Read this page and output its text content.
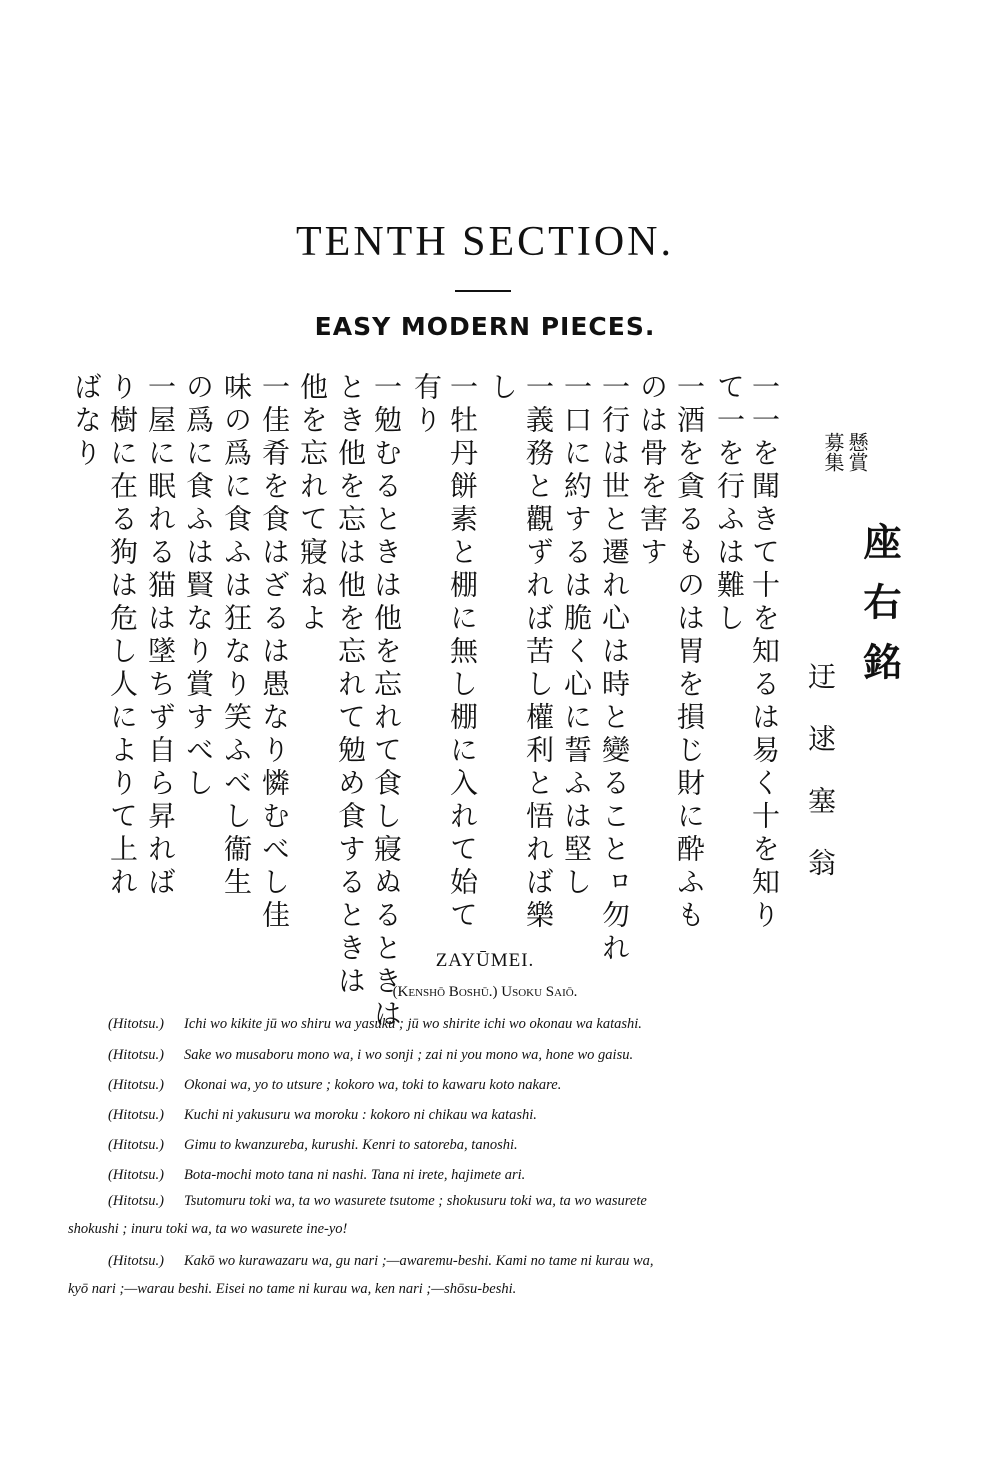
TENTH SECTION.
EASY MODERN PIECES.
懸賞
募集
座右銘
迂逑塞翁
一一を聞きて十を知るは易く十を知り
て一を行ふは難し
一酒を貪るものは胃を損じ財に酔ふも
のは骨を害す
一行は世と遷れ心は時と變ることㇿ勿れ
一口に約するは脆く心に誓ふは堅し
一義務と觀ずれば苦し權利と悟れば樂
し
一牡丹餅素と棚に無し棚に入れて始て
有り
一勉むるときは他を忘れて食し寢ぬるときは
とき他を忘は他を忘れて勉め食するときは
他を忘れて寢ねよ
一佳肴を食はざるは愚なり憐むべし佳
味の爲に食ふは狂なり笑ふべし衞生
の爲に食ふは賢なり賞すべし
一屋に眠れる猫は墜ちず自ら昇れば
り樹に在る狗は危し人によりて上れ
ばなり
ZAYŪMEI.
(Kenshō Boshū.) Usoku Saiō.
(Hitotsu.) Ichi wo kikite jū wo shiru wa yasuku ; jū wo shirite ichi wo okonau wa katashi.
(Hitotsu.) Sake wo musaboru mono wa, i wo sonji ; zai ni you mono wa, hone wo gaisu.
(Hitotsu.) Okonai wa, yo to utsure ; kokoro wa, toki to kawaru koto nakare.
(Hitotsu.) Kuchi ni yakusuru wa moroku : kokoro ni chikau wa katashi.
(Hitotsu.) Gimu to kwanzureba, kurushi. Kenri to satoreba, tanoshi.
(Hitotsu.) Bota-mochi moto tana ni nashi. Tana ni irete, hajimete ari.
(Hitotsu.) Tsutomuru toki wa, ta wo wasurete tsutome ; shokusuru toki wa, ta wo wasurete
shokushi ; inuru toki wa, ta wo wasurete ine-yo!
(Hitotsu.) Kakō wo kurawazaru wa, gu nari ;—awaremu-beshi. Kami no tame ni kurau wa,
kyō nari ;—warau beshi. Eisei no tame ni kurau wa, ken nari ;—shōsu-beshi.
